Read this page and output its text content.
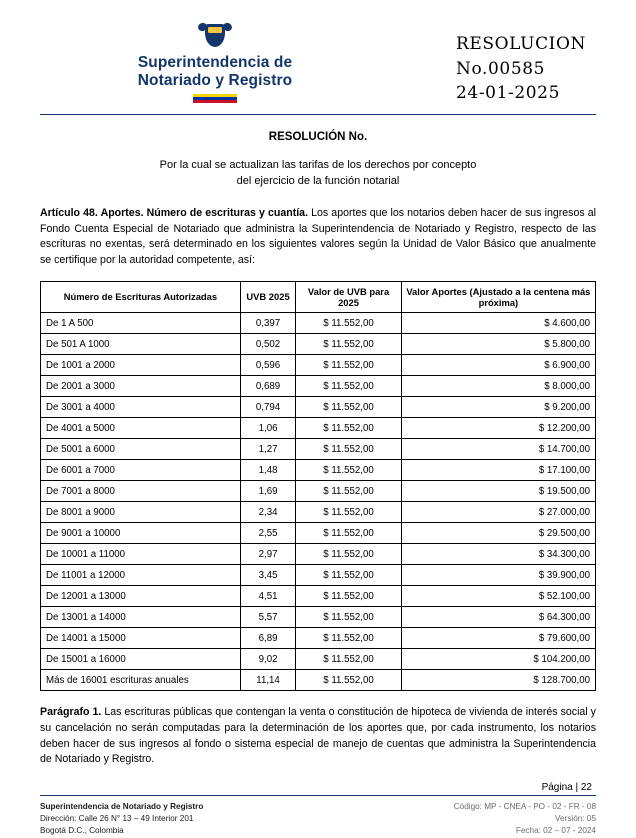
Superintendencia de
Notariado y Registro
RESOLUCION
No.00585
24-01-2025
RESOLUCIÓN No.
Por la cual se actualizan las tarifas de los derechos por concepto
del ejercicio de la función notarial

Artículo 48. Aportes. Número de escrituras y cuantía. Los aportes que los notarios deben hacer de sus ingresos al Fondo Cuenta Especial de Notariado que administra la Superintendencia de Notariado y Registro, respecto de las escrituras no exentas, será determinado en los siguientes valores según la Unidad de Valor Básico que anualmente se certifique por la autoridad competente, así:

Número de Escrituras Autorizadas	UVB 2025	Valor de UVB para 2025	Valor Aportes (Ajustado a la centena más próxima)
De 1 A 500	0,397	$ 11.552,00	$ 4.600,00
De 501 A 1000	0,502	$ 11.552,00	$ 5.800,00
De 1001 a 2000	0,596	$ 11.552,00	$ 6.900,00
De 2001 a 3000	0,689	$ 11.552,00	$ 8.000,00
De 3001 a 4000	0,794	$ 11.552,00	$ 9.200,00
De 4001 a 5000	1,06	$ 11.552,00	$ 12.200,00
De 5001 a 6000	1,27	$ 11.552,00	$ 14.700,00
De 6001 a 7000	1,48	$ 11.552,00	$ 17.100,00
De 7001 a 8000	1,69	$ 11.552,00	$ 19.500,00
De 8001 a 9000	2,34	$ 11.552,00	$ 27.000,00
De 9001 a 10000	2,55	$ 11.552,00	$ 29.500,00
De 10001 a 11000	2,97	$ 11.552,00	$ 34.300,00
De 11001 a 12000	3,45	$ 11.552,00	$ 39.900,00
De 12001 a 13000	4,51	$ 11.552,00	$ 52.100,00
De 13001 a 14000	5,57	$ 11.552,00	$ 64.300,00
De 14001 a 15000	6,89	$ 11.552,00	$ 79.600,00
De 15001 a 16000	9,02	$ 11.552,00	$ 104.200,00
Más de 16001 escrituras anuales	11,14	$ 11.552,00	$ 128.700,00

Parágrafo 1. Las escrituras públicas que contengan la venta o constitución de hipoteca de vivienda de interés social y su cancelación no serán computadas para la determinación de los aportes que, por cada instrumento, los notarios deben hacer de sus ingresos al fondo o sistema especial de manejo de cuentas que administra la Superintendencia de Notariado y Registro.

Página | 22
Superintendencia de Notariado y Registro
Dirección: Calle 26 N° 13 – 49 Interior 201
Bogotá D.C., Colombia
Código: MP - CNEA - PO - 02 - FR - 08
Versión: 05
Fecha: 02 – 07 - 2024
